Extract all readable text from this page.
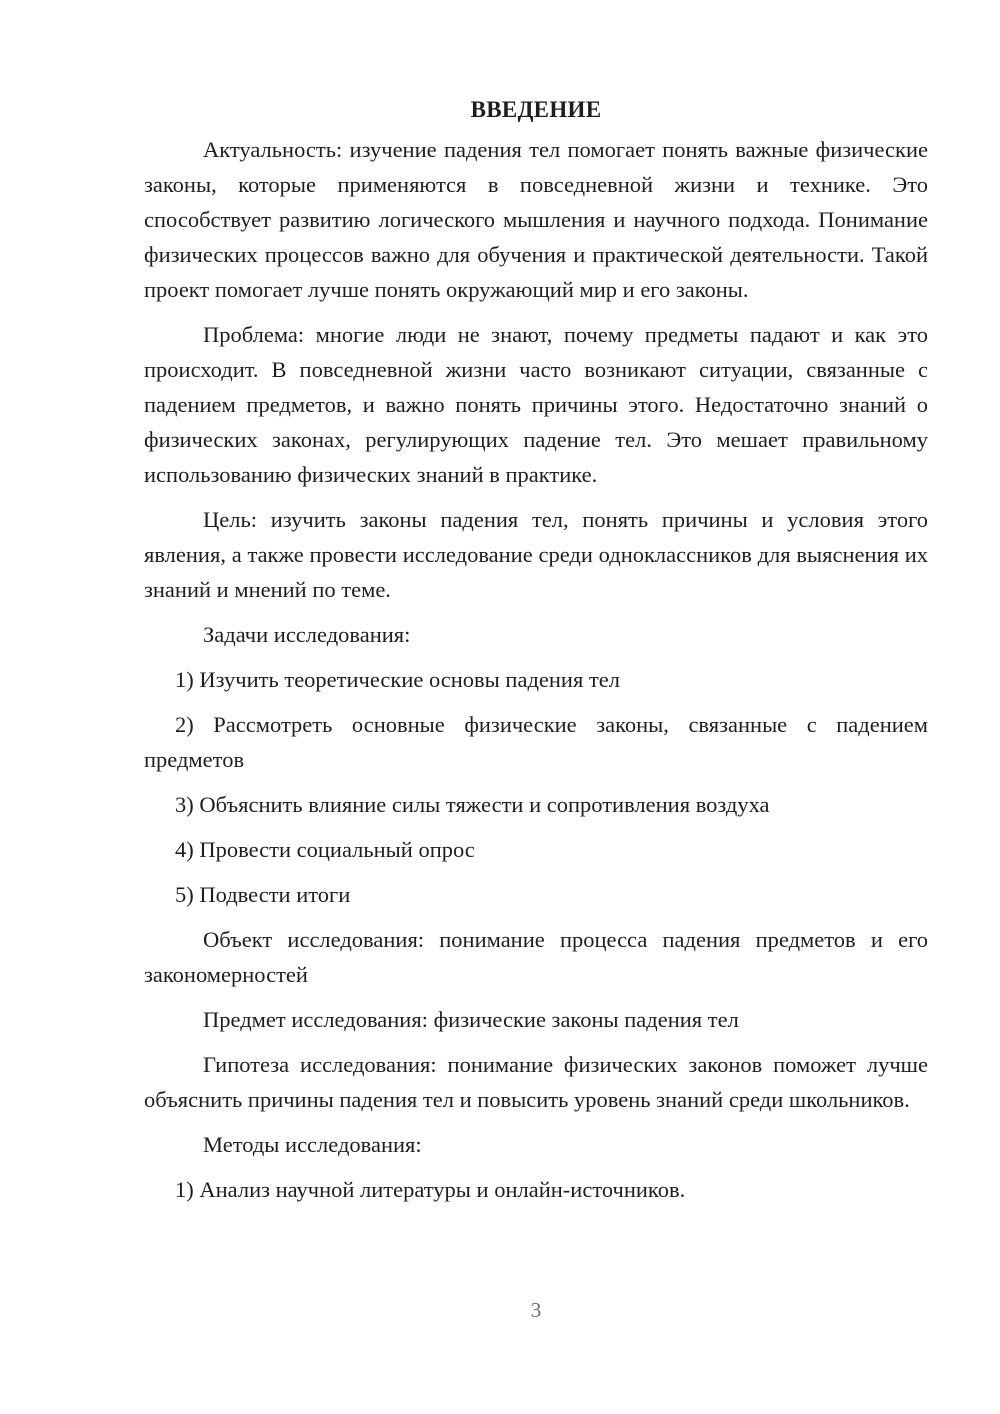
ВВЕДЕНИЕ

Актуальность: изучение падения тел помогает понять важные физические законы, которые применяются в повседневной жизни и технике. Это способствует развитию логического мышления и научного подхода. Понимание физических процессов важно для обучения и практической деятельности. Такой проект помогает лучше понять окружающий мир и его законы.

Проблема: многие люди не знают, почему предметы падают и как это происходит. В повседневной жизни часто возникают ситуации, связанные с падением предметов, и важно понять причины этого. Недостаточно знаний о физических законах, регулирующих падение тел. Это мешает правильному использованию физических знаний в практике.

Цель: изучить законы падения тел, понять причины и условия этого явления, а также провести исследование среди одноклассников для выяснения их знаний и мнений по теме.

Задачи исследования:

1) Изучить теоретические основы падения тел

2) Рассмотреть основные физические законы, связанные с падением предметов

3) Объяснить влияние силы тяжести и сопротивления воздуха

4) Провести социальный опрос

5) Подвести итоги

Объект исследования: понимание процесса падения предметов и его закономерностей

Предмет исследования: физические законы падения тел

Гипотеза исследования: понимание физических законов поможет лучше объяснить причины падения тел и повысить уровень знаний среди школьников.

Методы исследования:

1) Анализ научной литературы и онлайн-источников.

3
